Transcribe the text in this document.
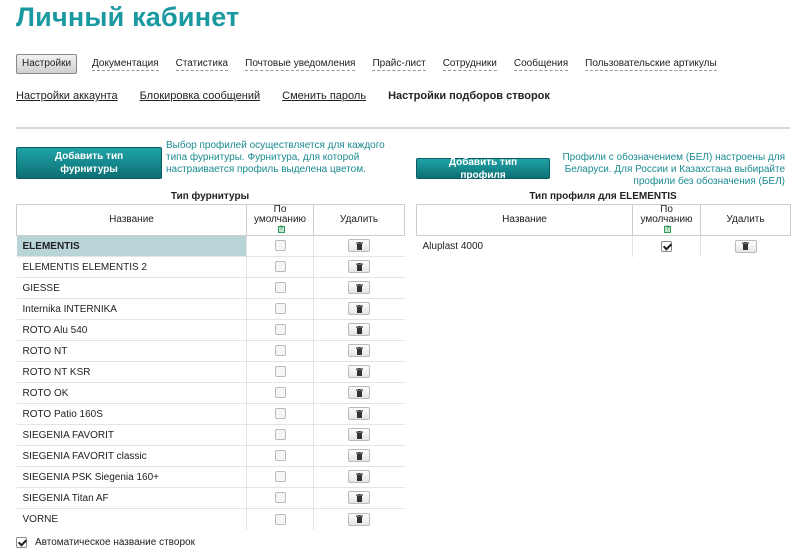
Личный кабинет
Настройки	Документация Статистика Почтовые уведомления Прайс-лист Сотрудники Сообщения Пользовательские артикулы
Настройки аккаунта Блокировка сообщений Сменить пароль Настройки подборов створок
Добавить тип фурнитуры
Выбор профилей осуществляется для каждого типа фурнитуры. Фурнитура, для которой настраивается профиль выделена цветом.
Тип фурнитуры
Название	По умолчанию ?	Удалить
ELEMENTIS		

ELEMENTIS ELEMENTIS 2		

GIESSE		

Internika INTERNIKA		

ROTO Alu 540		

ROTO NT		

ROTO NT KSR		

ROTO OK		

ROTO Patio 160S		

SIEGENIA FAVORIT		

SIEGENIA FAVORIT classic		

SIEGENIA PSK Siegenia 160+		

SIEGENIA Titan AF		

VORNE		
Добавить тип профиля
Профили с обозначением (БЕЛ) настроены для Беларуси. Для России и Казахстана выбирайте профили без обозначения (БЕЛ)
Тип профиля для ELEMENTIS
Название	По умолчанию ?	Удалить
Aluplast 4000		
Автоматическое название створок
